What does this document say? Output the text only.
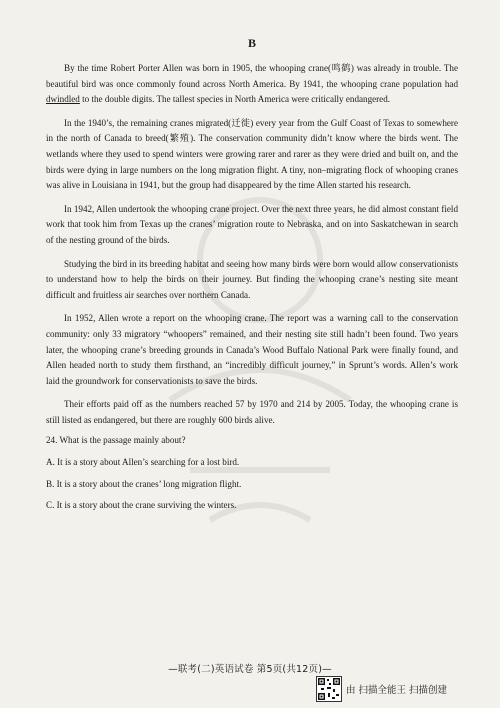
B

By the time Robert Porter Allen was born in 1905, the whooping crane(鸣鹤) was already in trouble. The beautiful bird was once commonly found across North America. By 1941, the whooping crane population had dwindled to the double digits. The tallest species in North America were critically endangered.

In the 1940’s, the remaining cranes migrated(迁徙) every year from the Gulf Coast of Texas to somewhere in the north of Canada to breed(繁殖). The conservation community didn’t know where the birds went. The wetlands where they used to spend winters were growing rarer and rarer as they were dried and built on, and the birds were dying in large numbers on the long migration flight. A tiny, non–migrating flock of whooping cranes was alive in Louisiana in 1941, but the group had disappeared by the time Allen started his research.

In 1942, Allen undertook the whooping crane project. Over the next three years, he did almost constant field work that took him from Texas up the cranes’ migration route to Nebraska, and on into Saskatchewan in search of the nesting ground of the birds.

Studying the bird in its breeding habitat and seeing how many birds were born would allow conservationists to understand how to help the birds on their journey. But finding the whooping crane’s nesting site meant difficult and fruitless air searches over northern Canada.

In 1952, Allen wrote a report on the whooping crane. The report was a warning call to the conservation community: only 33 migratory “whoopers” remained, and their nesting site still hadn’t been found. Two years later, the whooping crane’s breeding grounds in Canada’s Wood Buffalo National Park were finally found, and Allen headed north to study them firsthand, an “incredibly difficult journey,” in Sprunt’s words. Allen’s work laid the groundwork for conservationists to save the birds.

Their efforts paid off as the numbers reached 57 by 1970 and 214 by 2005. Today, the whooping crane is still listed as endangered, but there are roughly 600 birds alive.

24. What is the passage mainly about?
A. It is a story about Allen’s searching for a lost bird.
B. It is a story about the cranes’ long migration flight.
C. It is a story about the crane surviving the winters.
—联考(二)英语试卷 第5页(共12页)—
由 扫描全能王 扫描创建
